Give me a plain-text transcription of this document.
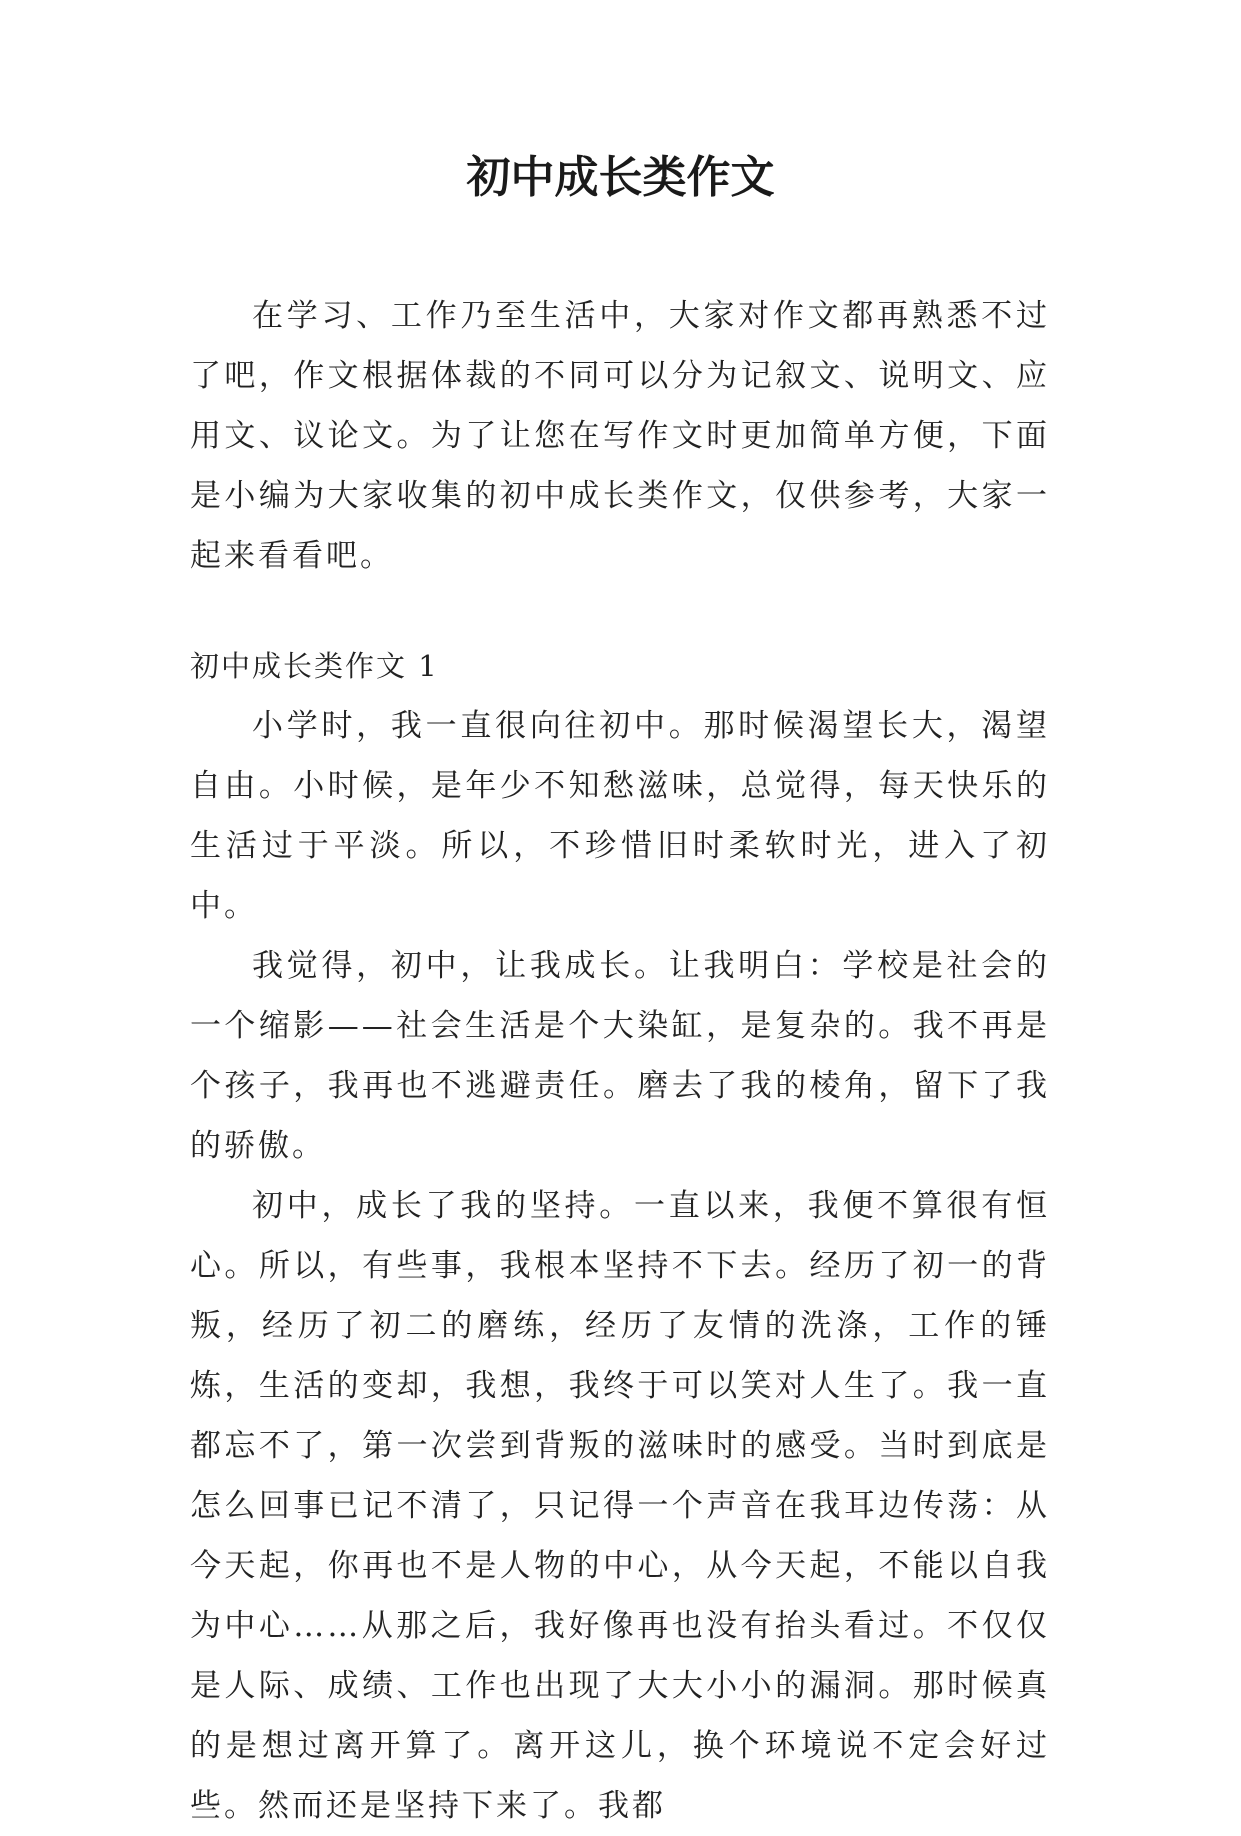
初中成长类作文

在学习、工作乃至生活中，大家对作文都再熟悉不过了吧，作文根据体裁的不同可以分为记叙文、说明文、应用文、议论文。为了让您在写作文时更加简单方便，下面是小编为大家收集的初中成长类作文，仅供参考，大家一起来看看吧。

初中成长类作文 1

小学时，我一直很向往初中。那时候渴望长大，渴望自由。小时候，是年少不知愁滋味，总觉得，每天快乐的生活过于平淡。所以，不珍惜旧时柔软时光，进入了初中。

我觉得，初中，让我成长。让我明白：学校是社会的一个缩影——社会生活是个大染缸，是复杂的。我不再是个孩子，我再也不逃避责任。磨去了我的棱角，留下了我的骄傲。

初中，成长了我的坚持。一直以来，我便不算很有恒心。所以，有些事，我根本坚持不下去。经历了初一的背叛，经历了初二的磨练，经历了友情的洗涤，工作的锤炼，生活的变却，我想，我终于可以笑对人生了。我一直都忘不了，第一次尝到背叛的滋味时的感受。当时到底是怎么回事已记不清了，只记得一个声音在我耳边传荡：从今天起，你再也不是人物的中心，从今天起，不能以自我为中心……从那之后，我好像再也没有抬头看过。不仅仅是人际、成绩、工作也出现了大大小小的漏洞。那时候真的是想过离开算了。离开这儿，换个环境说不定会好过些。然而还是坚持下来了。我都
